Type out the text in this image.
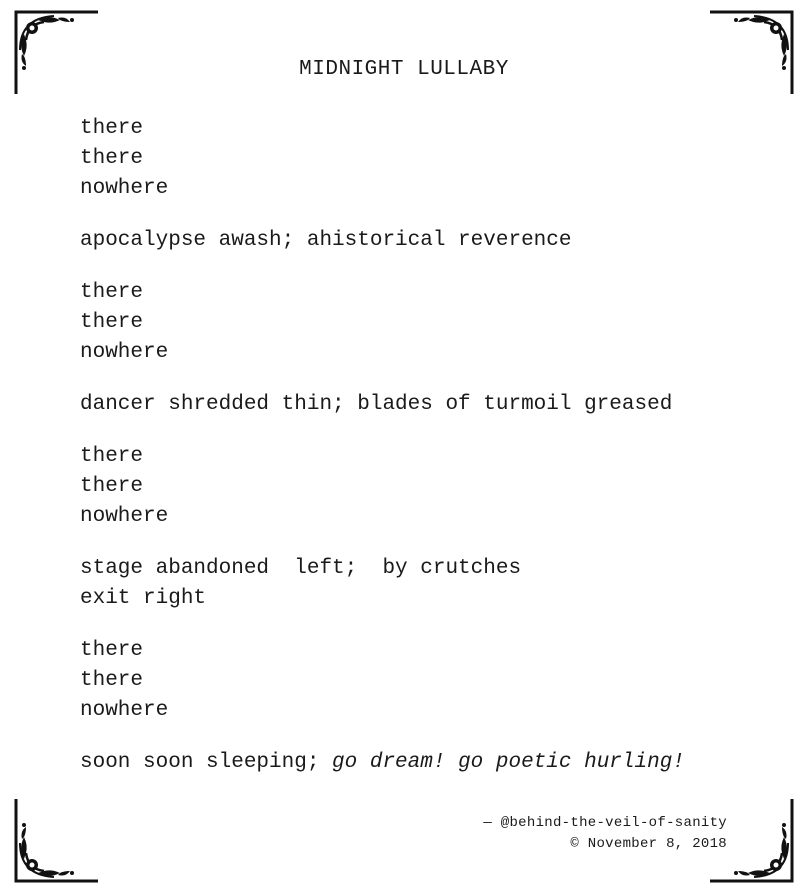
MIDNIGHT LULLABY
there
there
nowhere
apocalypse awash; ahistorical reverence
there
there
nowhere
dancer shredded thin; blades of turmoil greased
there
there
nowhere
stage abandoned  left;  by crutches
exit right
there
there
nowhere
soon soon sleeping; go dream! go poetic hurling!
— @behind-the-veil-of-sanity
© November 8, 2018
